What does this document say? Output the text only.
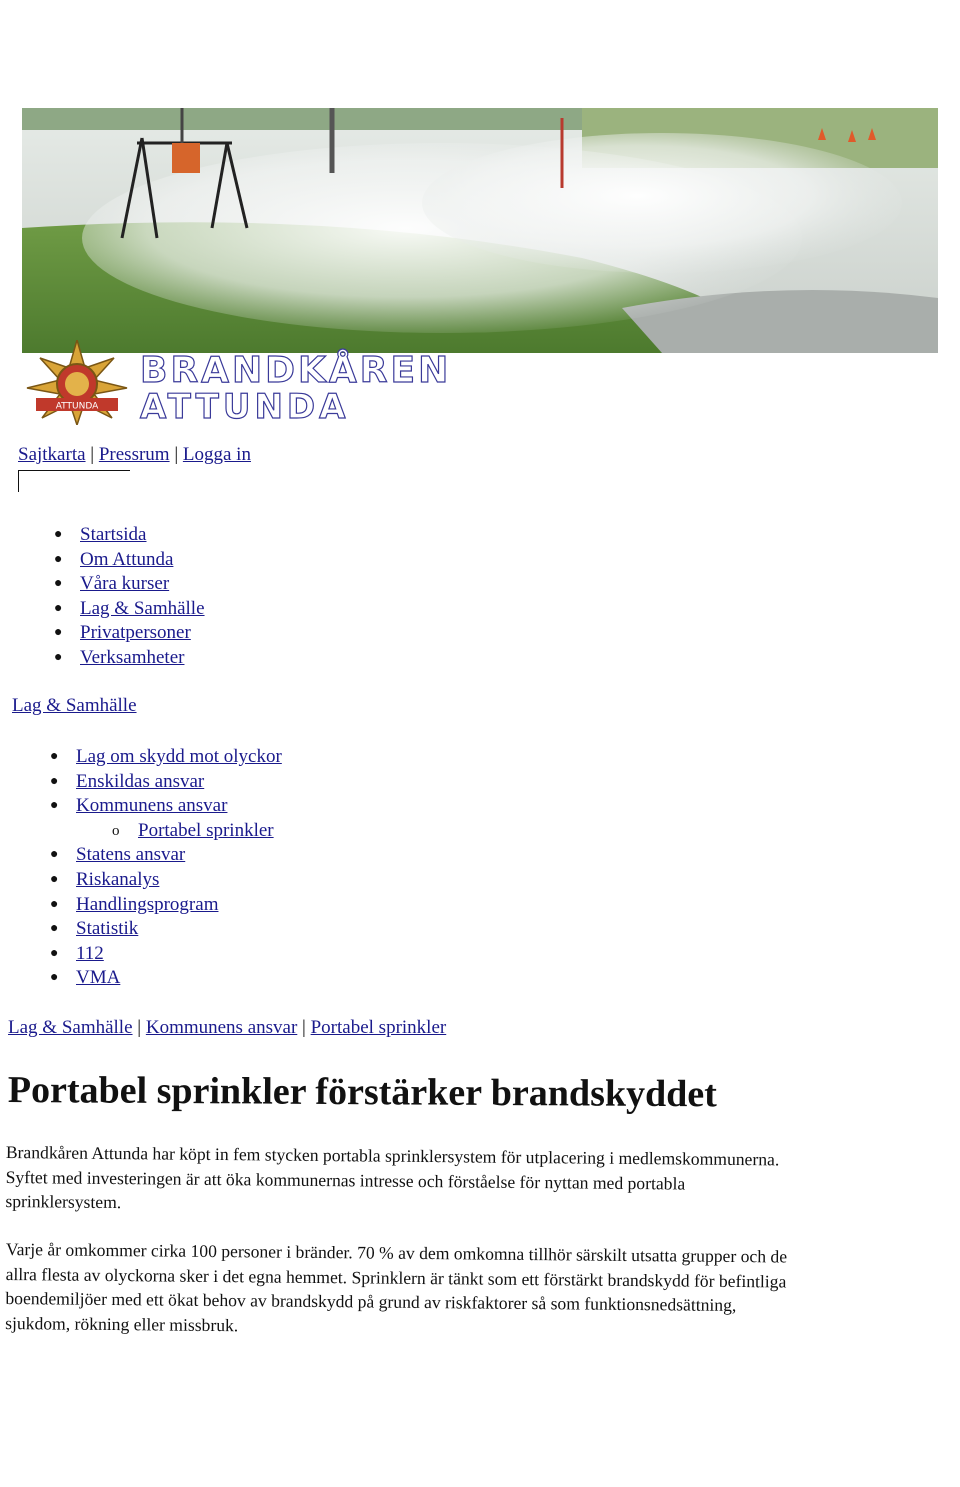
ATTUNDA
BRANDKÅREN
ATTUNDA
Sajtkarta | Pressrum | Logga in
● Startsida
● Om Attunda
● Våra kurser
● Lag & Samhälle
● Privatpersoner
● Verksamheter
Lag & Samhälle
● Lag om skydd mot olyckor
● Enskildas ansvar
● Kommunens ansvar
o Portabel sprinkler
● Statens ansvar
● Riskanalys
● Handlingsprogram
● Statistik
● 112
● VMA
Lag & Samhälle | Kommunens ansvar | Portabel sprinkler
Portabel sprinkler förstärker brandskyddet

Brandkåren Attunda har köpt in fem stycken portabla sprinklersystem för utplacering i medlemskommunerna. Syftet med investeringen är att öka kommunernas intresse och förståelse för nyttan med portabla sprinklersystem.

Varje år omkommer cirka 100 personer i bränder. 70 % av dem omkomna tillhör särskilt utsatta grupper och de allra flesta av olyckorna sker i det egna hemmet. Sprinklern är tänkt som ett förstärkt brandskydd för befintliga boendemiljöer med ett ökat behov av brandskydd på grund av riskfaktorer så som funktionsnedsättning, sjukdom, rökning eller missbruk.
